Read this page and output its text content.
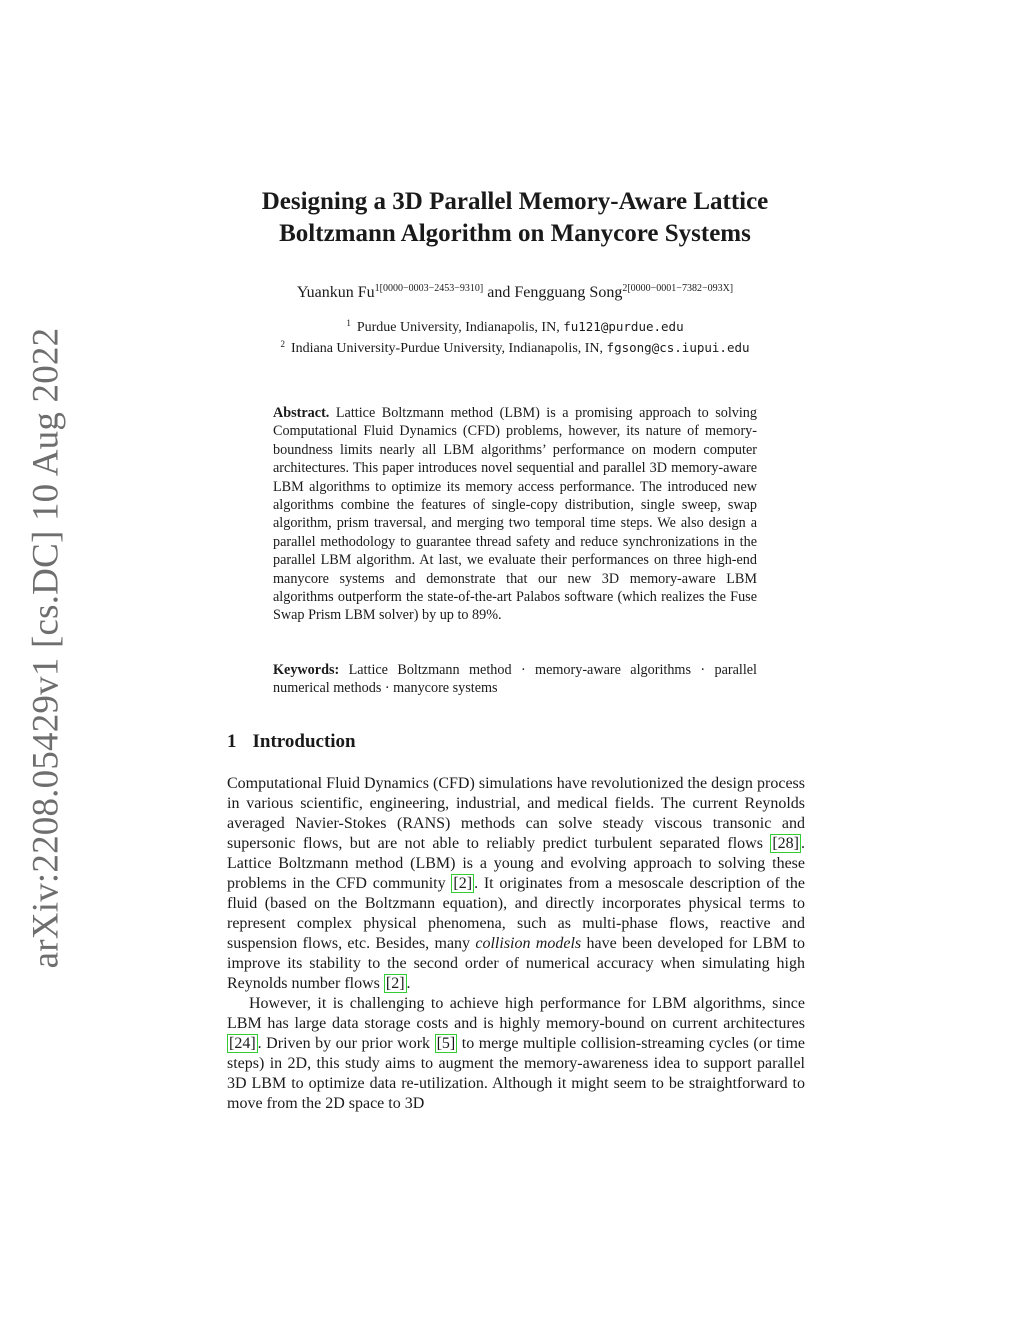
arXiv:2208.05429v1 [cs.DC] 10 Aug 2022
Designing a 3D Parallel Memory-Aware Lattice
Boltzmann Algorithm on Manycore Systems
Yuankun $Fu^{1[0000-0003-2453-9310]}$ and Fengguang Song$^{2[0000-0001-7382-093X]}$
$^1$ Purdue University, Indianapolis, IN, fu121@purdue.edu
$^2$ Indiana University-Purdue University, Indianapolis, IN, fgsong@cs.iupui.edu

Abstract. Lattice Boltzmann method (LBM) is a promising approach to solving Computational Fluid Dynamics (CFD) problems, however, its nature of memory-boundness limits nearly all LBM algorithms’ performance on modern computer architectures. This paper introduces novel sequential and parallel 3D memory-aware LBM algorithms to optimize its memory access performance. The introduced new algorithms combine the features of single-copy distribution, single sweep, swap algorithm, prism traversal, and merging two temporal time steps. We also design a parallel methodology to guarantee thread safety and reduce synchronizations in the parallel LBM algorithm. At last, we evaluate their performances on three high-end manycore systems and demonstrate that our new 3D memory-aware LBM algorithms outperform the state-of-the-art Palabos software (which realizes the Fuse Swap Prism LBM solver) by up to 89%.

Keywords: Lattice Boltzmann method · memory-aware algorithms · parallel numerical methods · manycore systems

1 Introduction

Computational Fluid Dynamics (CFD) simulations have revolutionized the design process in various scientific, engineering, industrial, and medical fields. The current Reynolds averaged Navier-Stokes (RANS) methods can solve steady viscous transonic and supersonic flows, but are not able to reliably predict turbulent separated flows [28] . Lattice Boltzmann method (LBM) is a young and evolving approach to solving these problems in the CFD community [2] . It originates from a mesoscale description of the fluid (based on the Boltzmann equation), and directly incorporates physical terms to represent complex physical phenomena, such as multi-phase flows, reactive and suspension flows, etc. Besides, many collision models have been developed for LBM to improve its stability to the second order of numerical accuracy when simulating high Reynolds number flows [2] .

However, it is challenging to achieve high performance for LBM algorithms, since LBM has large data storage costs and is highly memory-bound on current architectures [24] . Driven by our prior work [5] to merge multiple collision-streaming cycles (or time steps) in 2D, this study aims to augment the memory-awareness idea to support parallel 3D LBM to optimize data re-utilization. Although it might seem to be straightforward to move from the 2D space to 3D
